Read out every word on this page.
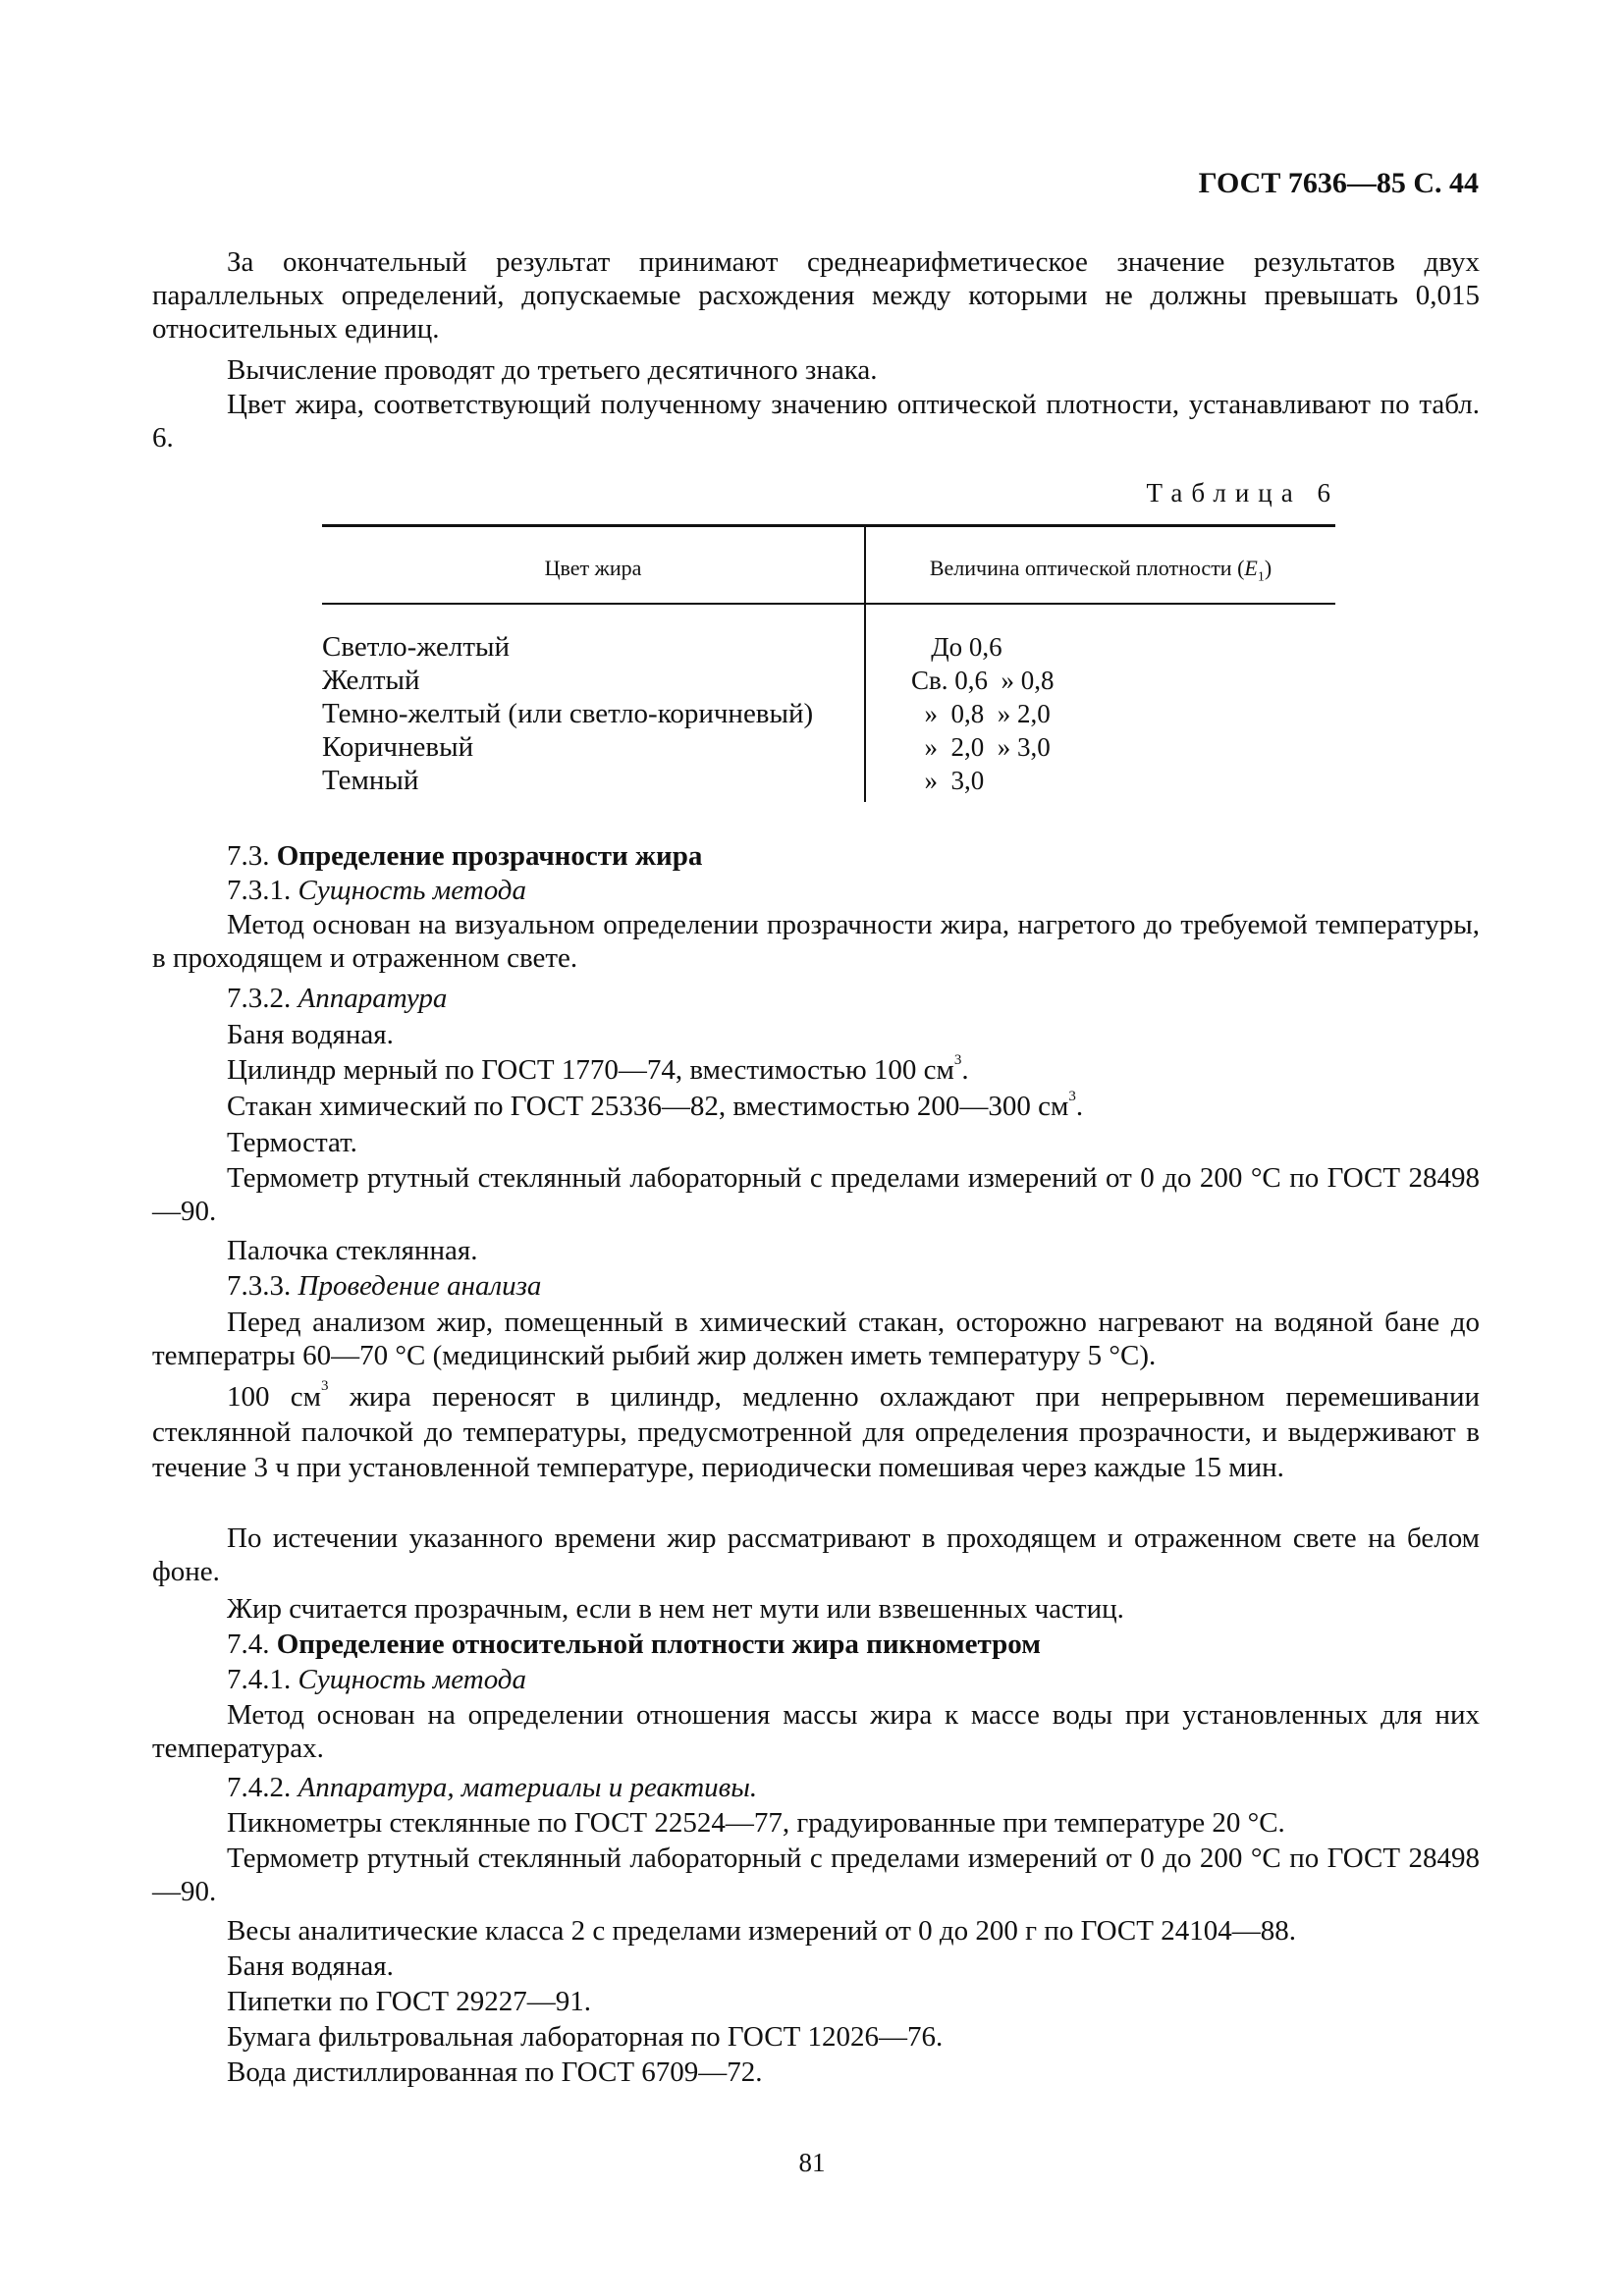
ГОСТ 7636—85 С. 44
За окончательный результат принимают среднеарифметическое значение результатов двух параллельных определений, допускаемые расхождения между которыми не должны превышать 0,015 относительных единиц.
Вычисление проводят до третьего десятичного знака.
Цвет жира, соответствующий полученному значению оптической плотности, устанавливают по табл. 6.
Таблица 6
Цвет жира	Величина оптической плотности $(E_1)$
Светло-желтый	До 0,6
Желтый	Св. 0,6  » 0,8
Темно-желтый (или светло-коричневый)	»  0,8  » 2,0
Коричневый	»  2,0  » 3,0
Темный	»  3,0
7.3. Определение прозрачности жира
7.3.1. Сущность метода
Метод основан на визуальном определении прозрачности жира, нагретого до требуемой температуры, в проходящем и отраженном свете.
7.3.2. Аппаратура
Баня водяная.
Цилиндр мерный по ГОСТ 1770—74, вместимостью 100 $см^3$.
Стакан химический по ГОСТ 25336—82, вместимостью 200—300 $см^3$.
Термостат.
Термометр ртутный стеклянный лабораторный с пределами измерений от 0 до 200 °С по ГОСТ 28498—90.
Палочка стеклянная.
7.3.3. Проведение анализа
Перед анализом жир, помещенный в химический стакан, осторожно нагревают на водяной бане до температры 60—70 °С (медицинский рыбий жир должен иметь температуру 5 °С).
100 $см^3$ жира переносят в цилиндр, медленно охлаждают при непрерывном перемешивании стеклянной палочкой до температуры, предусмотренной для определения прозрачности, и выдерживают в течение 3 ч при установленной температуре, периодически помешивая через каждые 15 мин.
По истечении указанного времени жир рассматривают в проходящем и отраженном свете на белом фоне.
Жир считается прозрачным, если в нем нет мути или взвешенных частиц.
7.4. Определение относительной плотности жира пикнометром
7.4.1. Сущность метода
Метод основан на определении отношения массы жира к массе воды при установленных для них температурах.
7.4.2. Аппаратура, материалы и реактивы.
Пикнометры стеклянные по ГОСТ 22524—77, градуированные при температуре 20 °С.
Термометр ртутный стеклянный лабораторный с пределами измерений от 0 до 200 °С по ГОСТ 28498—90.
Весы аналитические класса 2 с пределами измерений от 0 до 200 г по ГОСТ 24104—88.
Баня водяная.
Пипетки по ГОСТ 29227—91.
Бумага фильтровальная лабораторная по ГОСТ 12026—76.
Вода дистиллированная по ГОСТ 6709—72.
81
